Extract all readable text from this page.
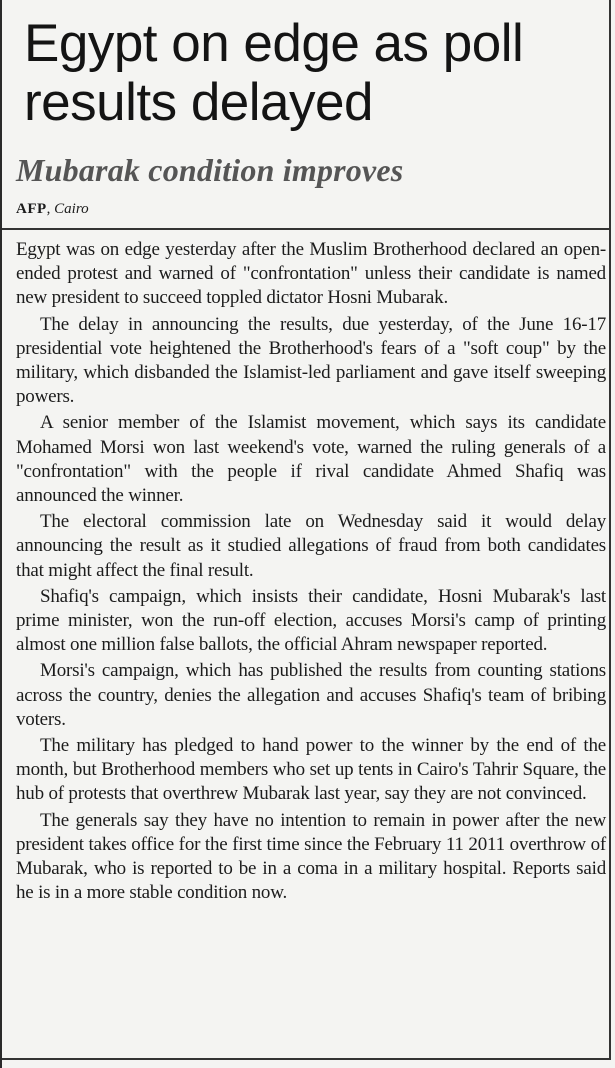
Egypt on edge as poll results delayed
Mubarak condition improves
AFP, Cairo

Egypt was on edge yesterday after the Muslim Brotherhood declared an open-ended protest and warned of "confrontation" unless their candidate is named new president to succeed toppled dictator Hosni Mubarak.

The delay in announcing the results, due yesterday, of the June 16-17 presidential vote heightened the Brotherhood's fears of a "soft coup" by the military, which disbanded the Islamist-led parliament and gave itself sweeping powers.

A senior member of the Islamist movement, which says its candidate Mohamed Morsi won last weekend's vote, warned the ruling generals of a "confrontation" with the people if rival candidate Ahmed Shafiq was announced the winner.

The electoral commission late on Wednesday said it would delay announcing the result as it studied allegations of fraud from both candidates that might affect the final result.

Shafiq's campaign, which insists their candidate, Hosni Mubarak's last prime minister, won the run-off election, accuses Morsi's camp of printing almost one million false ballots, the official Ahram newspaper reported.

Morsi's campaign, which has published the results from counting stations across the country, denies the allegation and accuses Shafiq's team of bribing voters.

The military has pledged to hand power to the winner by the end of the month, but Brotherhood members who set up tents in Cairo's Tahrir Square, the hub of protests that overthrew Mubarak last year, say they are not convinced.

The generals say they have no intention to remain in power after the new president takes office for the first time since the February 11 2011 overthrow of Mubarak, who is reported to be in a coma in a military hospital. Reports said he is in a more stable condition now.
